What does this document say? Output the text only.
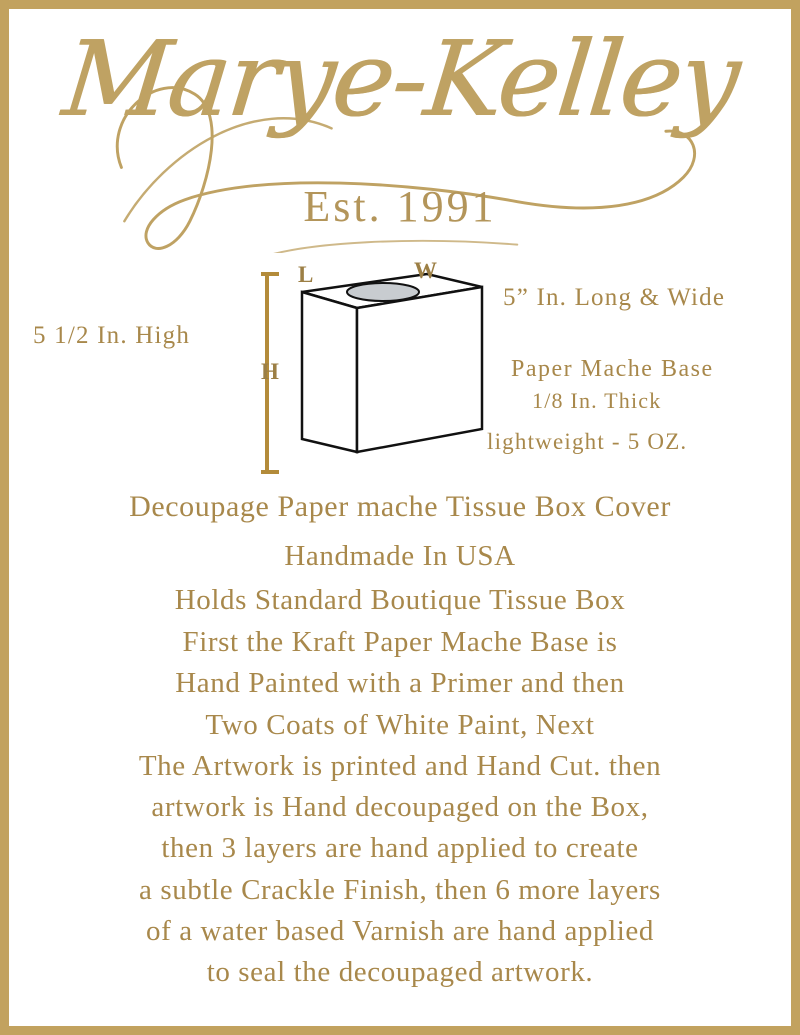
Marye-Kelley
Est. 1991
L	W
H
5 1/2 In. High
5” In. Long & Wide
Paper Mache Base
1/8 In. Thick
lightweight - 5 OZ.
Decoupage Paper mache Tissue Box Cover
Handmade In USA
Holds Standard Boutique Tissue Box
First the Kraft Paper Mache Base is
Hand Painted with a Primer and then
Two Coats of White Paint, Next
The Artwork is printed and Hand Cut. then
artwork is Hand decoupaged on the Box,
then 3 layers are hand applied to create
a subtle Crackle Finish, then 6 more layers
of a water based Varnish are hand applied
to seal the decoupaged artwork.
